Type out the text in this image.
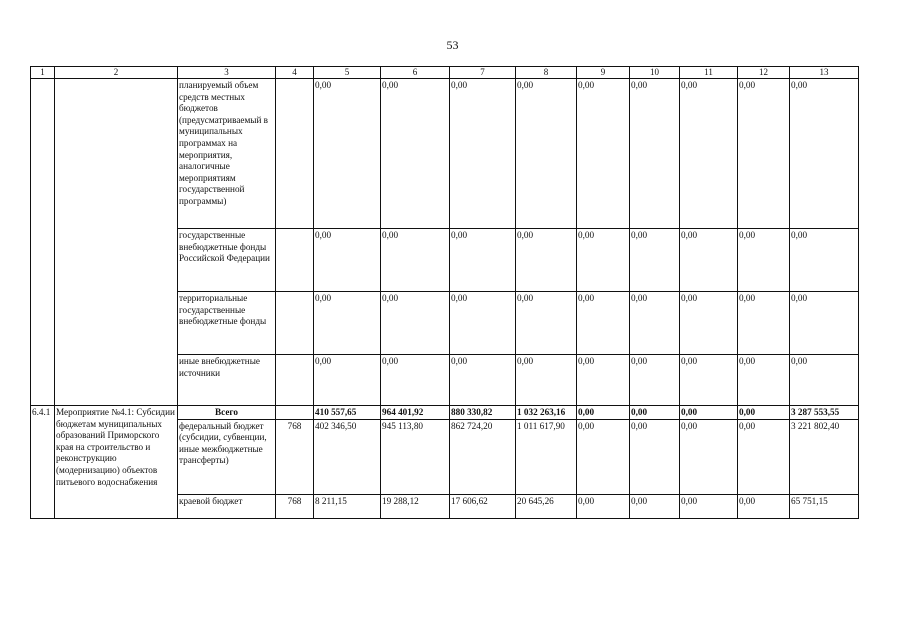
53
1	2	3	4	5	6	7	8	9	10	11	12	13
		планируемый объем средств местных бюджетов (предусматриваемый в муниципальных программах на мероприятия, аналогичные мероприятиям государственной программы)		0,00	0,00	0,00	0,00	0,00	0,00	0,00	0,00	0,00
		государственные внебюджетные фонды Российской Федерации		0,00	0,00	0,00	0,00	0,00	0,00	0,00	0,00	0,00
		территориальные государственные внебюджетные фонды		0,00	0,00	0,00	0,00	0,00	0,00	0,00	0,00	0,00
		иные внебюджетные источники		0,00	0,00	0,00	0,00	0,00	0,00	0,00	0,00	0,00
6.4.1	Мероприятие №4.1: Субсидии бюджетам муниципальных образований Приморского края на строительство и реконструкцию (модернизацию) объектов питьевого водоснабжения	Всего		410 557,65	964 401,92	880 330,82	1 032 263,16	0,00	0,00	0,00	0,00	3 287 553,55
		федеральный бюджет (субсидии, субвенции, иные межбюджетные трансферты)	768	402 346,50	945 113,80	862 724,20	1 011 617,90	0,00	0,00	0,00	0,00	3 221 802,40
		краевой бюджет	768	8 211,15	19 288,12	17 606,62	20 645,26	0,00	0,00	0,00	0,00	65 751,15
